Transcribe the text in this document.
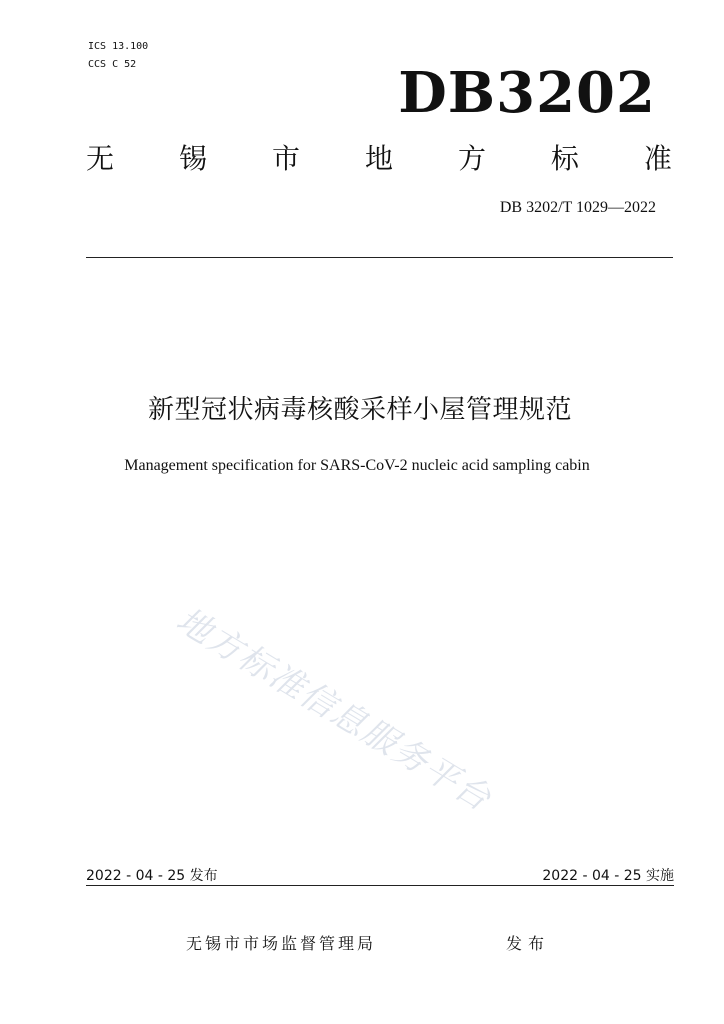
ICS 13.100
CCS C 52	DB3202
无 锡 市 地 方 标 准
DB 3202/T 1029—2022
新型冠状病毒核酸采样小屋管理规范
Management specification for SARS-CoV-2 nucleic acid sampling cabin
地方标准信息服务平台
2022 - 04 - 25 发布	2022 - 04 - 25 实施
无锡市市场监督管理局	发布
